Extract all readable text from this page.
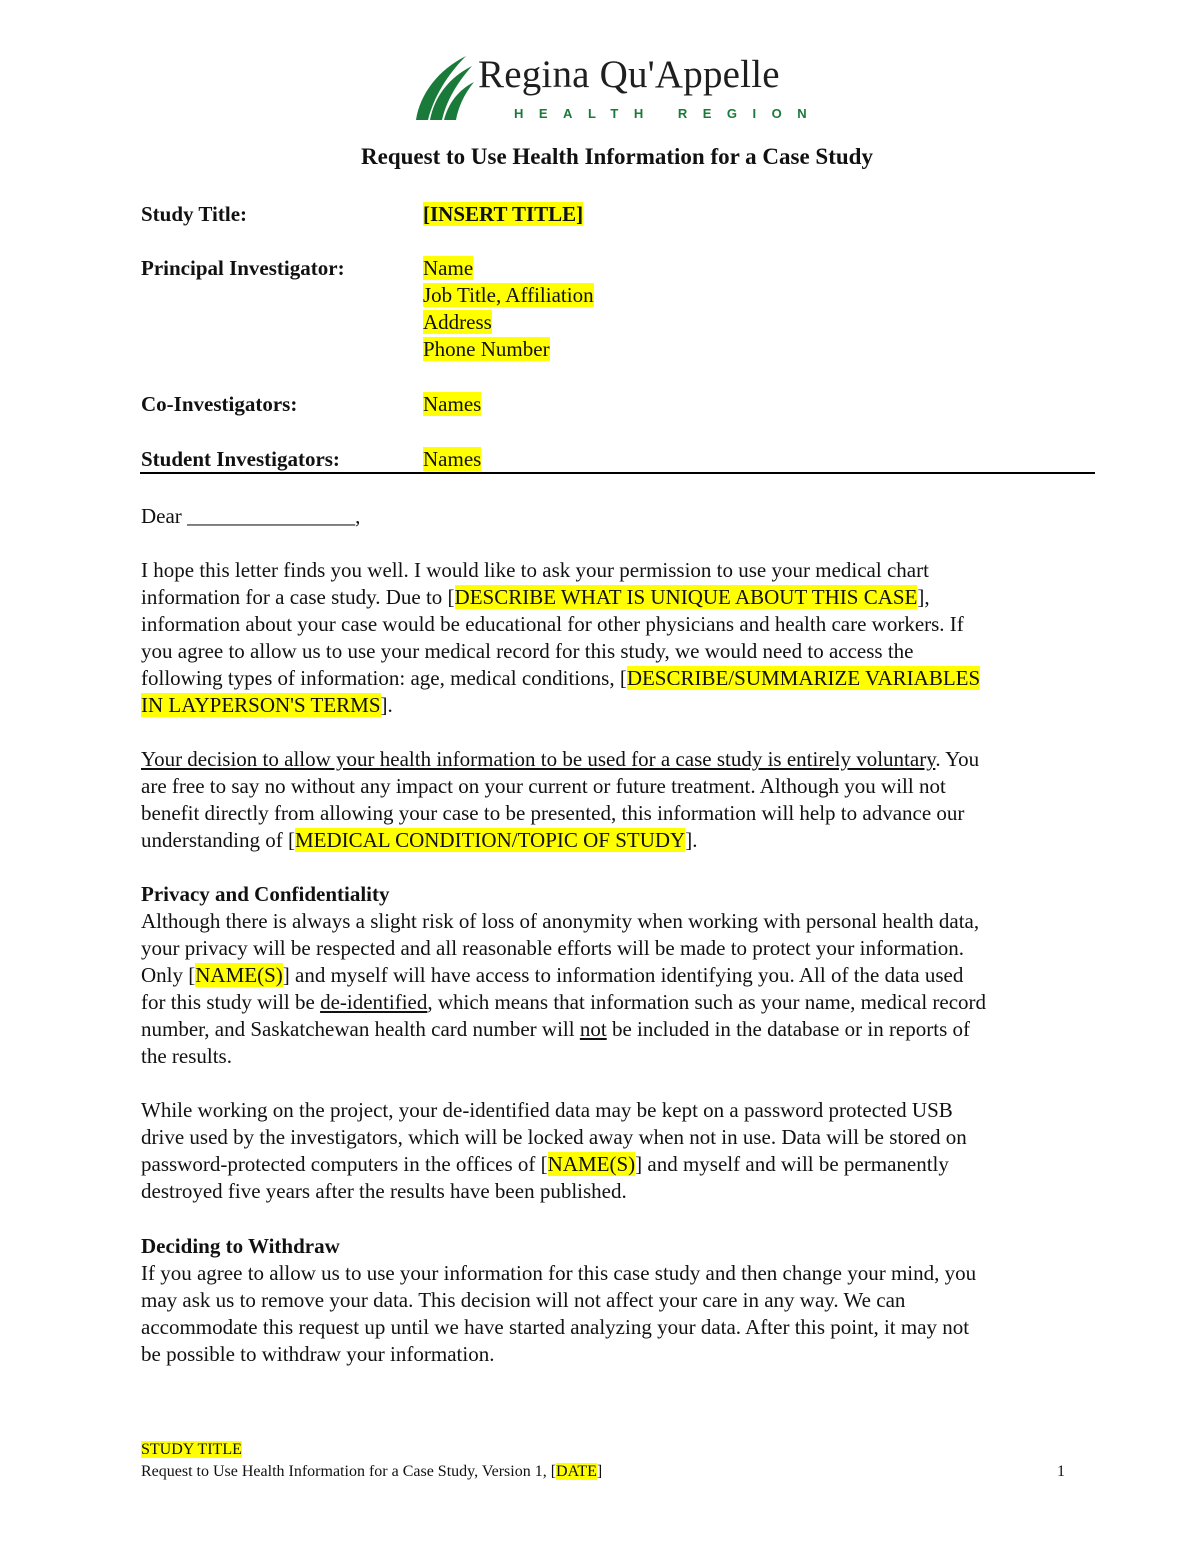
Regina Qu'Appelle
HEALTH REGION
Request to Use Health Information for a Case Study
Study Title:	[INSERT TITLE]
Principal Investigator:	Name
Job Title, Affiliation
Address
Phone Number
Co-Investigators:	Names
Student Investigators:	Names
Dear ________________,
I hope this letter finds you well. I would like to ask your permission to use your medical chart
information for a case study. Due to [DESCRIBE WHAT IS UNIQUE ABOUT THIS CASE],
information about your case would be educational for other physicians and health care workers. If
you agree to allow us to use your medical record for this study, we would need to access the
following types of information: age, medical conditions, [DESCRIBE/SUMMARIZE VARIABLES
IN LAYPERSON'S TERMS].
Your decision to allow your health information to be used for a case study is entirely voluntary. You
are free to say no without any impact on your current or future treatment. Although you will not
benefit directly from allowing your case to be presented, this information will help to advance our
understanding of [MEDICAL CONDITION/TOPIC OF STUDY].
Privacy and Confidentiality
Although there is always a slight risk of loss of anonymity when working with personal health data,
your privacy will be respected and all reasonable efforts will be made to protect your information.
Only [NAME(S)] and myself will have access to information identifying you. All of the data used
for this study will be de-identified, which means that information such as your name, medical record
number, and Saskatchewan health card number will not be included in the database or in reports of
the results.
While working on the project, your de-identified data may be kept on a password protected USB
drive used by the investigators, which will be locked away when not in use. Data will be stored on
password-protected computers in the offices of [NAME(S)] and myself and will be permanently
destroyed five years after the results have been published.
Deciding to Withdraw
If you agree to allow us to use your information for this case study and then change your mind, you
may ask us to remove your data. This decision will not affect your care in any way. We can
accommodate this request up until we have started analyzing your data. After this point, it may not
be possible to withdraw your information.
STUDY TITLE
Request to Use Health Information for a Case Study, Version 1, [DATE]	1
